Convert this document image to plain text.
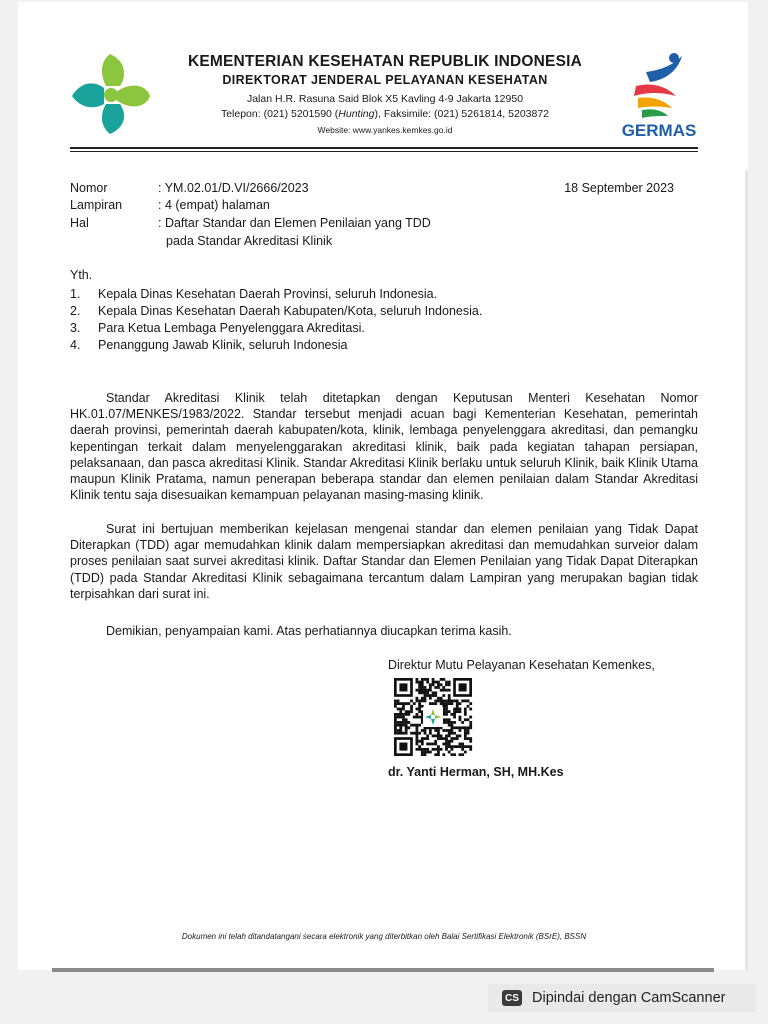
KEMENTERIAN KESEHATAN REPUBLIK INDONESIA
DIREKTORAT JENDERAL PELAYANAN KESEHATAN
Jalan H.R. Rasuna Said Blok X5 Kavling 4-9 Jakarta 12950
Telepon: (021) 5201590 (Hunting), Faksimile: (021) 5261814, 5203872
Website: www.yankes.kemkes.go.id	GERMAS
Nomor	: YM.02.01/D.VI/2666/2023	18 September 2023
Lampiran	: 4 (empat) halaman
Hal	: Daftar Standar dan Elemen Penilaian yang TDD
pada Standar Akreditasi Klinik
Yth.
1. Kepala Dinas Kesehatan Daerah Provinsi, seluruh Indonesia.
2. Kepala Dinas Kesehatan Daerah Kabupaten/Kota, seluruh Indonesia.
3. Para Ketua Lembaga Penyelenggara Akreditasi.
4. Penanggung Jawab Klinik, seluruh Indonesia

Standar Akreditasi Klinik telah ditetapkan dengan Keputusan Menteri Kesehatan Nomor HK.01.07/MENKES/1983/2022. Standar tersebut menjadi acuan bagi Kementerian Kesehatan, pemerintah daerah provinsi, pemerintah daerah kabupaten/kota, klinik, lembaga penyelenggara akreditasi, dan pemangku kepentingan terkait dalam menyelenggarakan akreditasi klinik, baik pada kegiatan tahapan persiapan, pelaksanaan, dan pasca akreditasi Klinik. Standar Akreditasi Klinik berlaku untuk seluruh Klinik, baik Klinik Utama maupun Klinik Pratama, namun penerapan beberapa standar dan elemen penilaian dalam Standar Akreditasi Klinik tentu saja disesuaikan kemampuan pelayanan masing-masing klinik.

Surat ini bertujuan memberikan kejelasan mengenai standar dan elemen penilaian yang Tidak Dapat Diterapkan (TDD) agar memudahkan klinik dalam mempersiapkan akreditasi dan memudahkan surveior dalam proses penilaian saat survei akreditasi klinik. Daftar Standar dan Elemen Penilaian yang Tidak Dapat Diterapkan (TDD) pada Standar Akreditasi Klinik sebagaimana tercantum dalam Lampiran yang merupakan bagian tidak terpisahkan dari surat ini.

Demikian, penyampaian kami. Atas perhatiannya diucapkan terima kasih.
Direktur Mutu Pelayanan Kesehatan Kemenkes,
dr. Yanti Herman, SH, MH.Kes
Dokumen ini telah ditandatangani secara elektronik yang diterbitkan oleh Balai Sertifikasi Elektronik (BSrE), BSSN
CS Dipindai dengan CamScanner
